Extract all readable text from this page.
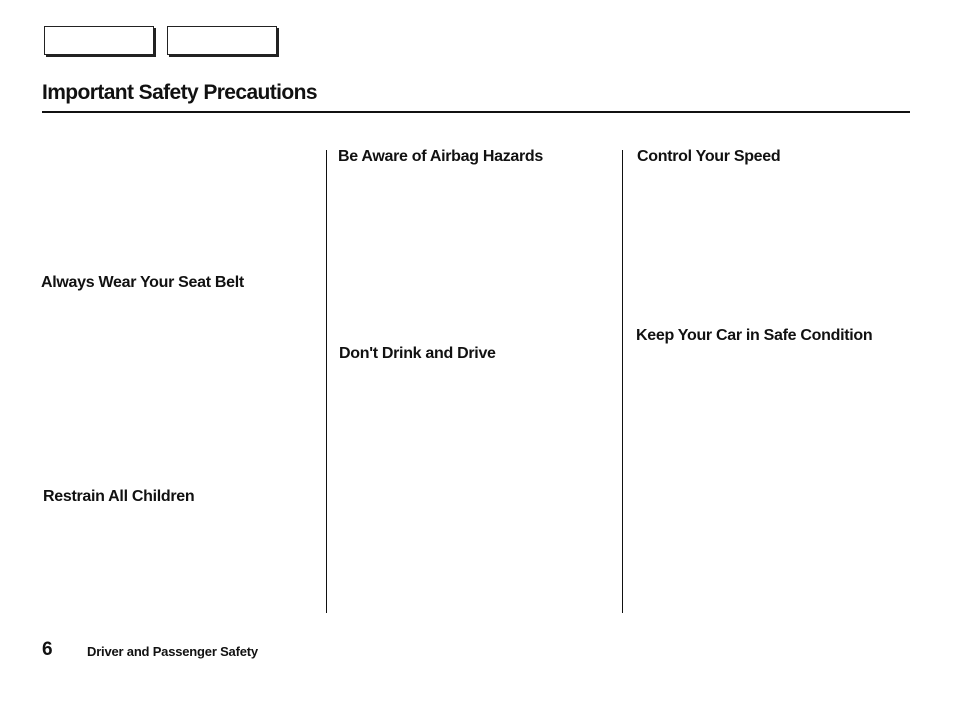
Important Safety Precautions
Be Aware of Airbag Hazards	Control Your Speed
Always Wear Your Seat Belt
Keep Your Car in Safe Condition
Don't Drink and Drive
Restrain All Children
6	Driver and Passenger Safety
